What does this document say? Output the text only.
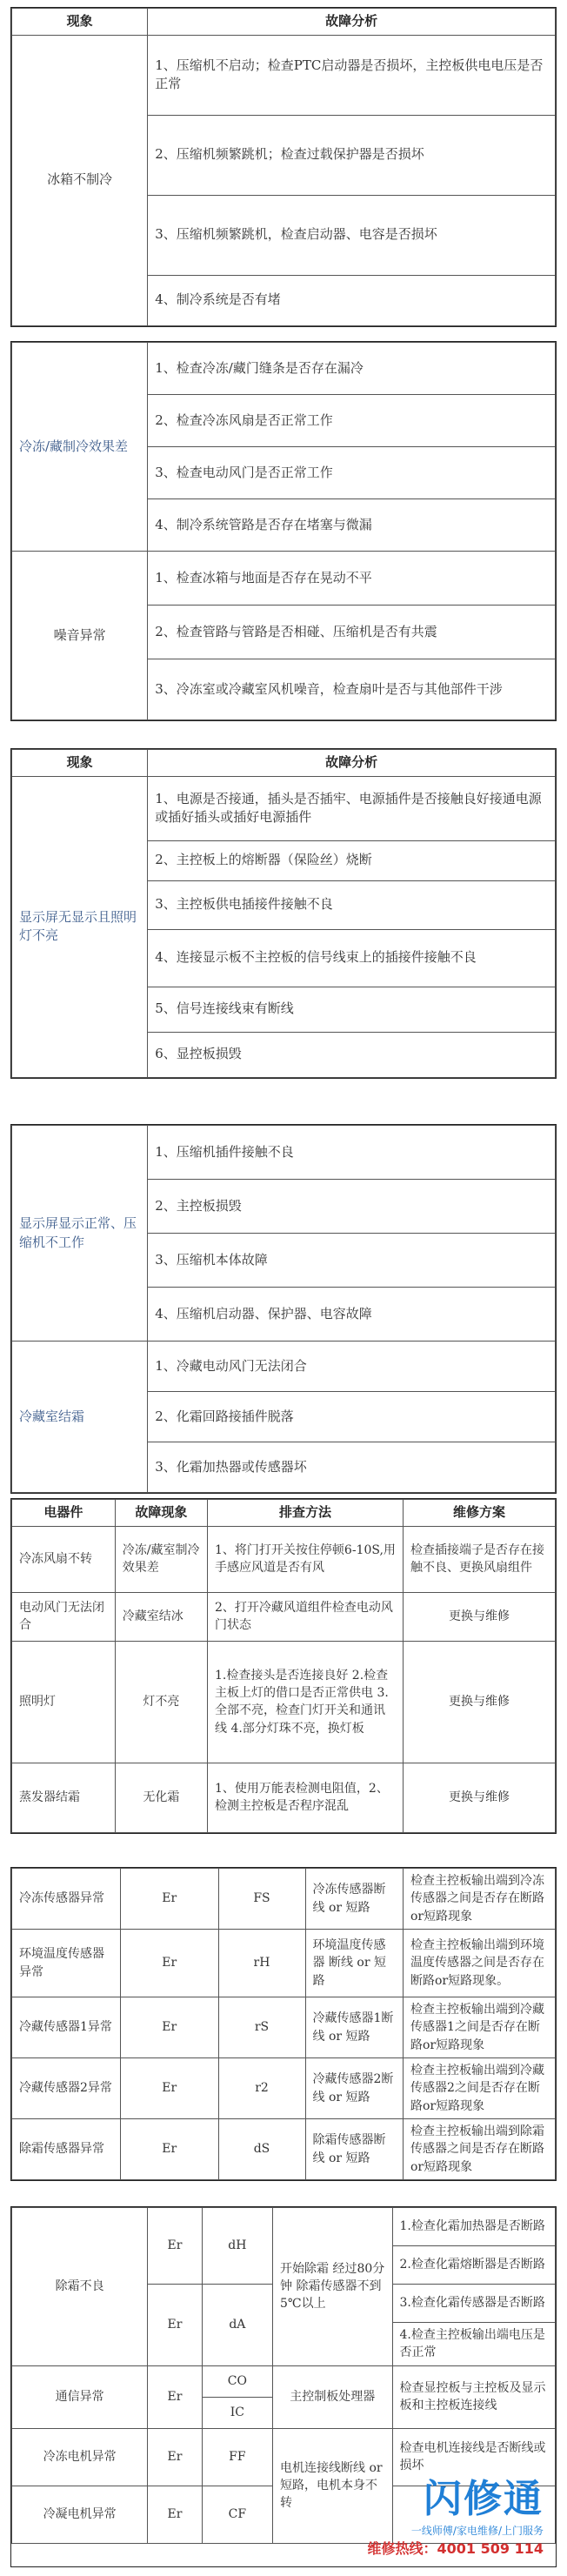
现象	故障分析
冰箱不制冷	1、压缩机不启动；检查PTC启动器是否损坏，主控板供电电压是否正常
	2、压缩机频繁跳机；检查过载保护器是否损坏
	3、压缩机频繁跳机，检查启动器、电容是否损坏
	4、制冷系统是否有堵
冷冻/藏制冷效果差	1、检查冷冻/藏门缝条是否存在漏冷
	2、检查冷冻风扇是否正常工作
	3、检查电动风门是否正常工作
	4、制冷系统管路是否存在堵塞与微漏
噪音异常	1、检查冰箱与地面是否存在晃动不平
	2、检查管路与管路是否相碰、压缩机是否有共震
	3、冷冻室或冷藏室风机噪音，检查扇叶是否与其他部件干涉
现象	故障分析
显示屏无显示且照明灯不亮	1、电源是否接通，插头是否插牢、电源插件是否接触良好接通电源或插好插头或插好电源插件
	2、主控板上的熔断器（保险丝）烧断
	3、主控板供电插接件接触不良
	4、连接显示板不主控板的信号线束上的插接件接触不良
	5、信号连接线束有断线
	6、显控板损毁
显示屏显示正常、压缩机不工作	1、压缩机插件接触不良
	2、主控板损毁
	3、压缩机本体故障
	4、压缩机启动器、保护器、电容故障
冷藏室结霜	1、冷藏电动风门无法闭合
	2、化霜回路接插件脱落
	3、化霜加热器或传感器坏
电器件	故障现象	排查方法	维修方案
冷冻风扇不转	冷冻/藏室制冷效果差	1、将门打开关按住停顿6-10S,用手感应风道是否有风	检查插接端子是否存在接触不良、更换风扇组件
电动风门无法闭合	冷藏室结冰	2、打开冷藏风道组件检查电动风门状态	更换与维修
照明灯	灯不亮	1.检查接头是否连接良好 2.检查主板上灯的借口是否正常供电 3.全部不亮，检查门灯开关和通讯线 4.部分灯珠不亮，换灯板	更换与维修
蒸发器结霜	无化霜	1、使用万能表检测电阻值，2、检测主控板是否程序混乱	更换与维修
冷冻传感器异常	Er	FS	冷冻传感器断线 or 短路	检查主控板输出端到冷冻传感器之间是否存在断路or短路现象
环境温度传感器异常	Er	rH	环境温度传感器 断线 or 短路	检查主控板输出端到环境温度传感器之间是否存在断路or短路现象。
冷藏传感器1异常	Er	rS	冷藏传感器1断线 or 短路	检查主控板输出端到冷藏传感器1之间是否存在断路or短路现象
冷藏传感器2异常	Er	r2	冷藏传感器2断线 or 短路	检查主控板输出端到冷藏传感器2之间是否存在断路or短路现象
除霜传感器异常	Er	dS	除霜传感器断线 or 短路	检查主控板输出端到除霜传感器之间是否存在断路or短路现象
除霜不良	Er	dH	开始除霜 经过80分钟 除霜传感器不到5℃以上	1.检查化霜加热器是否断路
				2.检查化霜熔断器是否断路
	Er	dA		3.检查化霜传感器是否断路
				4.检查主控板输出端电压是否正常
通信异常	Er	CO	主控制板处理器	检查显控板与主控板及显示板和主控板连接线
		IC		
冷冻电机异常	Er	FF	电机连接线断线 or 短路，电机本身不转	检查电机连接线是否断线或损坏
冷凝电机异常	Er	CF			闪修通
一线师傅/家电维修/上门服务
维修热线：4001 509 114
